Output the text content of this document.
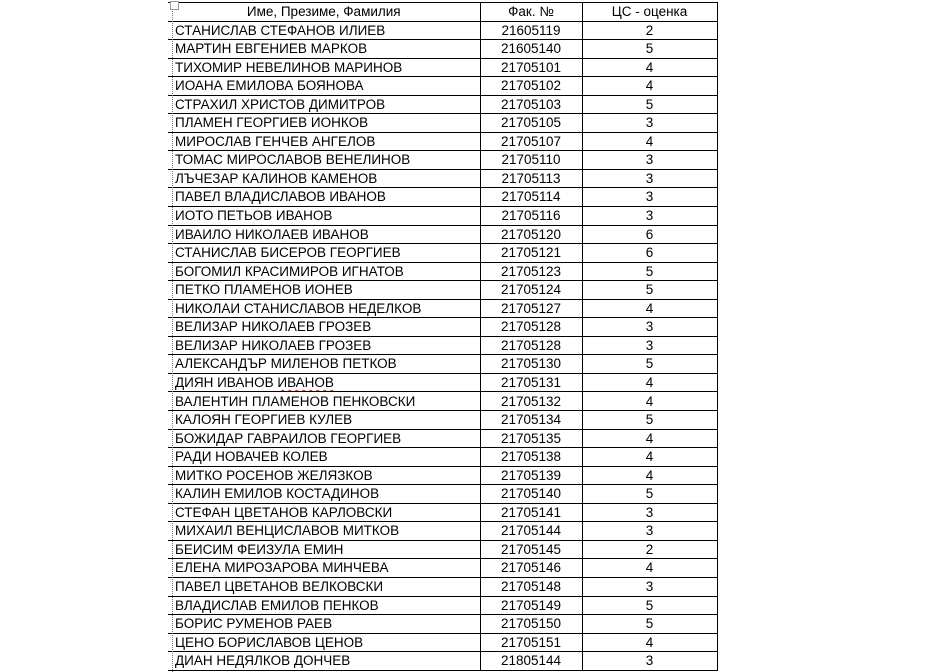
Име, Презиме, Фамилия	Фак. №	ЦС - оценка
СТАНИСЛАВ СТЕФАНОВ ИЛИЕВ	21605119	2
МАРТИН ЕВГЕНИЕВ МАРКОВ	21605140	5
ТИХОМИР НЕВЕЛИНОВ МАРИНОВ	21705101	4
ИОАНА ЕМИЛОВА БОЯНОВА	21705102	4
СТРАХИЛ ХРИСТОВ ДИМИТРОВ	21705103	5
ПЛАМЕН ГЕОРГИЕВ ИОНКОВ	21705105	3
МИРОСЛАВ ГЕНЧЕВ АНГЕЛОВ	21705107	4
ТОМАС МИРОСЛАВОВ ВЕНЕЛИНОВ	21705110	3
ЛЪЧЕЗАР КАЛИНОВ КАМЕНОВ	21705113	3
ПАВЕЛ ВЛАДИСЛАВОВ ИВАНОВ	21705114	3
ИОТО ПЕТЬОВ ИВАНОВ	21705116	3
ИВАИЛО НИКОЛАЕВ ИВАНОВ	21705120	6
СТАНИСЛАВ БИСЕРОВ ГЕОРГИЕВ	21705121	6
БОГОМИЛ КРАСИМИРОВ ИГНАТОВ	21705123	5
ПЕТКО ПЛАМЕНОВ ИОНЕВ	21705124	5
НИКОЛАИ СТАНИСЛАВОВ НЕДЕЛКОВ	21705127	4
ВЕЛИЗАР НИКОЛАЕВ ГРОЗЕВ	21705128	3
ВЕЛИЗАР НИКОЛАЕВ ГРОЗЕВ	21705128	3
АЛЕКСАНДЪР МИЛЕНОВ ПЕТКОВ	21705130	5
ДИЯН ИВАНОВ ИВАНОВ	21705131	4
ВАЛЕНТИН ПЛАМЕНОВ ПЕНКОВСКИ	21705132	4
КАЛОЯН ГЕОРГИЕВ КУЛЕВ	21705134	5
БОЖИДАР ГАВРАИЛОВ ГЕОРГИЕВ	21705135	4
РАДИ НОВАЧЕВ КОЛЕВ	21705138	4
МИТКО РОСЕНОВ ЖЕЛЯЗКОВ	21705139	4
КАЛИН ЕМИЛОВ КОСТАДИНОВ	21705140	5
СТЕФАН ЦВЕТАНОВ КАРЛОВСКИ	21705141	3
МИХАИЛ ВЕНЦИСЛАВОВ МИТКОВ	21705144	3
БЕИСИМ ФЕИЗУЛА ЕМИН	21705145	2
ЕЛЕНА МИРОЗАРОВА МИНЧЕВА	21705146	4
ПАВЕЛ ЦВЕТАНОВ ВЕЛКОВСКИ	21705148	3
ВЛАДИСЛАВ ЕМИЛОВ ПЕНКОВ	21705149	5
БОРИС РУМЕНОВ РАЕВ	21705150	5
ЦЕНО БОРИСЛАВОВ ЦЕНОВ	21705151	4
ДИАН НЕДЯЛКОВ ДОНЧЕВ	21805144	3
